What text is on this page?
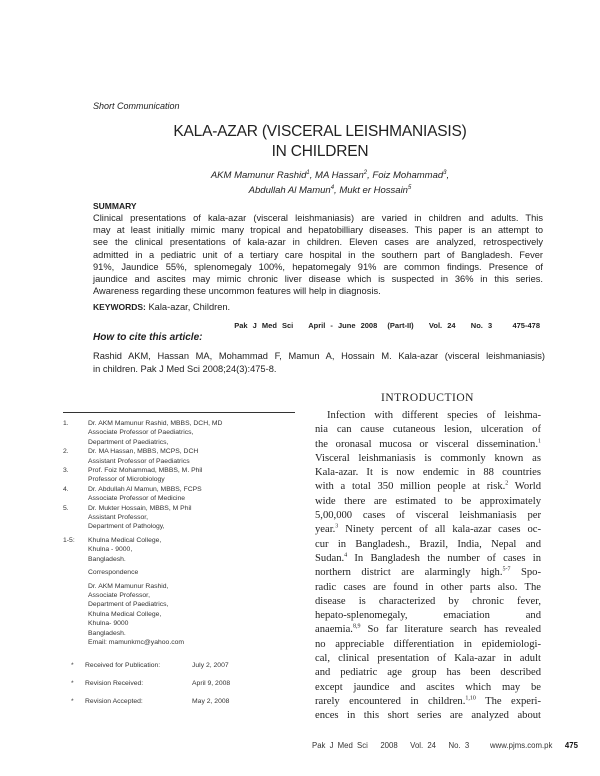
Short Communication
KALA-AZAR (VISCERAL LEISHMANIASIS)
IN CHILDREN
AKM Mamunur Rashid$^1$, MA Hassan$^2$, Foiz Mohammad$^3$,
Abdullah Al Mamun$^4$, Mukt er Hossain$^5$
SUMMARY
Clinical presentations of kala-azar (visceral leishmaniasis) are varied in children and adults. This
may at least initially mimic many tropical and hepatobilliary diseases. This paper is an attempt to
see the clinical presentations of kala-azar in children. Eleven cases are analyzed, retrospectively
admitted in a pediatric unit of a tertiary care hospital in the southern part of Bangladesh. Fever
91%, Jaundice 55%, splenomegaly 100%, hepatomegaly 91% are common findings. Presence of
jaundice and ascites may mimic chronic liver disease which is suspected in 36% in this series.
Awareness regarding these uncommon features will help in diagnosis.
KEYWORDS: Kala-azar, Children.
Pak J Med Sci   April - June 2008  (Part-II)   Vol. 24   No. 3    475-478
How to cite this article:
Rashid AKM, Hassan MA, Mohammad F, Mamun A, Hossain M. Kala-azar (visceral leishmaniasis)
in children. Pak J Med Sci 2008;24(3):475-8.
INTRODUCTION
Infection with different species of leishma-
nia can cause cutaneous lesion, ulceration of
the oronasal mucosa or visceral dissemination.$^1$
Visceral leishmaniasis is commonly known as
Kala-azar. It is now endemic in 88 countries
with a total 350 million people at risk.$^2$ World
wide there are estimated to be approximately
5,00,000 cases of visceral leishmaniasis per
year.$^3$ Ninety percent of all kala-azar cases oc-
cur in Bangladesh., Brazil, India, Nepal and
Sudan.$^4$ In Bangladesh the number of cases in
northern district are alarmingly high.$^{5-7}$ Spo-
radic cases are found in other parts also. The
disease is characterized by chronic fever,
hepato-splenomegaly, emaciation and
anaemia.$^{8,9}$ So far literature search has revealed
no appreciable differentiation in epidemiologi-
cal, clinical presentation of Kala-azar in adult
and pediatric age group has been described
except jaundice and ascites which may be
rarely encountered in children.$^{1,10}$ The experi-
ences in this short series are analyzed about
1.	Dr. AKM Mamunur Rashid, MBBS, DCH, MD
Associate Professor of Paediatrics,
Department of Paediatrics,
2.	Dr. MA Hassan, MBBS, MCPS, DCH
Assistant Professor of Paediatrics
3.	Prof. Foiz Mohammad, MBBS, M. Phil
Professor of Microbiology
4.	Dr. Abdullah Al Mamun, MBBS, FCPS
Associate Professor of Medicine
5.	Dr. Mukter Hossain, MBBS, M Phil
Assistant Professor,
Department of Pathology,
1-5:	Khulna Medical College,
Khulna - 9000,
Bangladesh.
Correspondence
Dr. AKM Mamunur Rashid,
Associate Professor,
Department of Paediatrics,
Khulna Medical College,
Khulna- 9000
Bangladesh.
Email: mamunkmc@yahoo.com
*	Received for Publication:	July 2, 2007
*	Revision Received:	April 9, 2008
*	Revision Accepted:	May 2, 2008
Pak J Med Sci   2008   Vol. 24   No. 3	www.pjms.com.pk 475
